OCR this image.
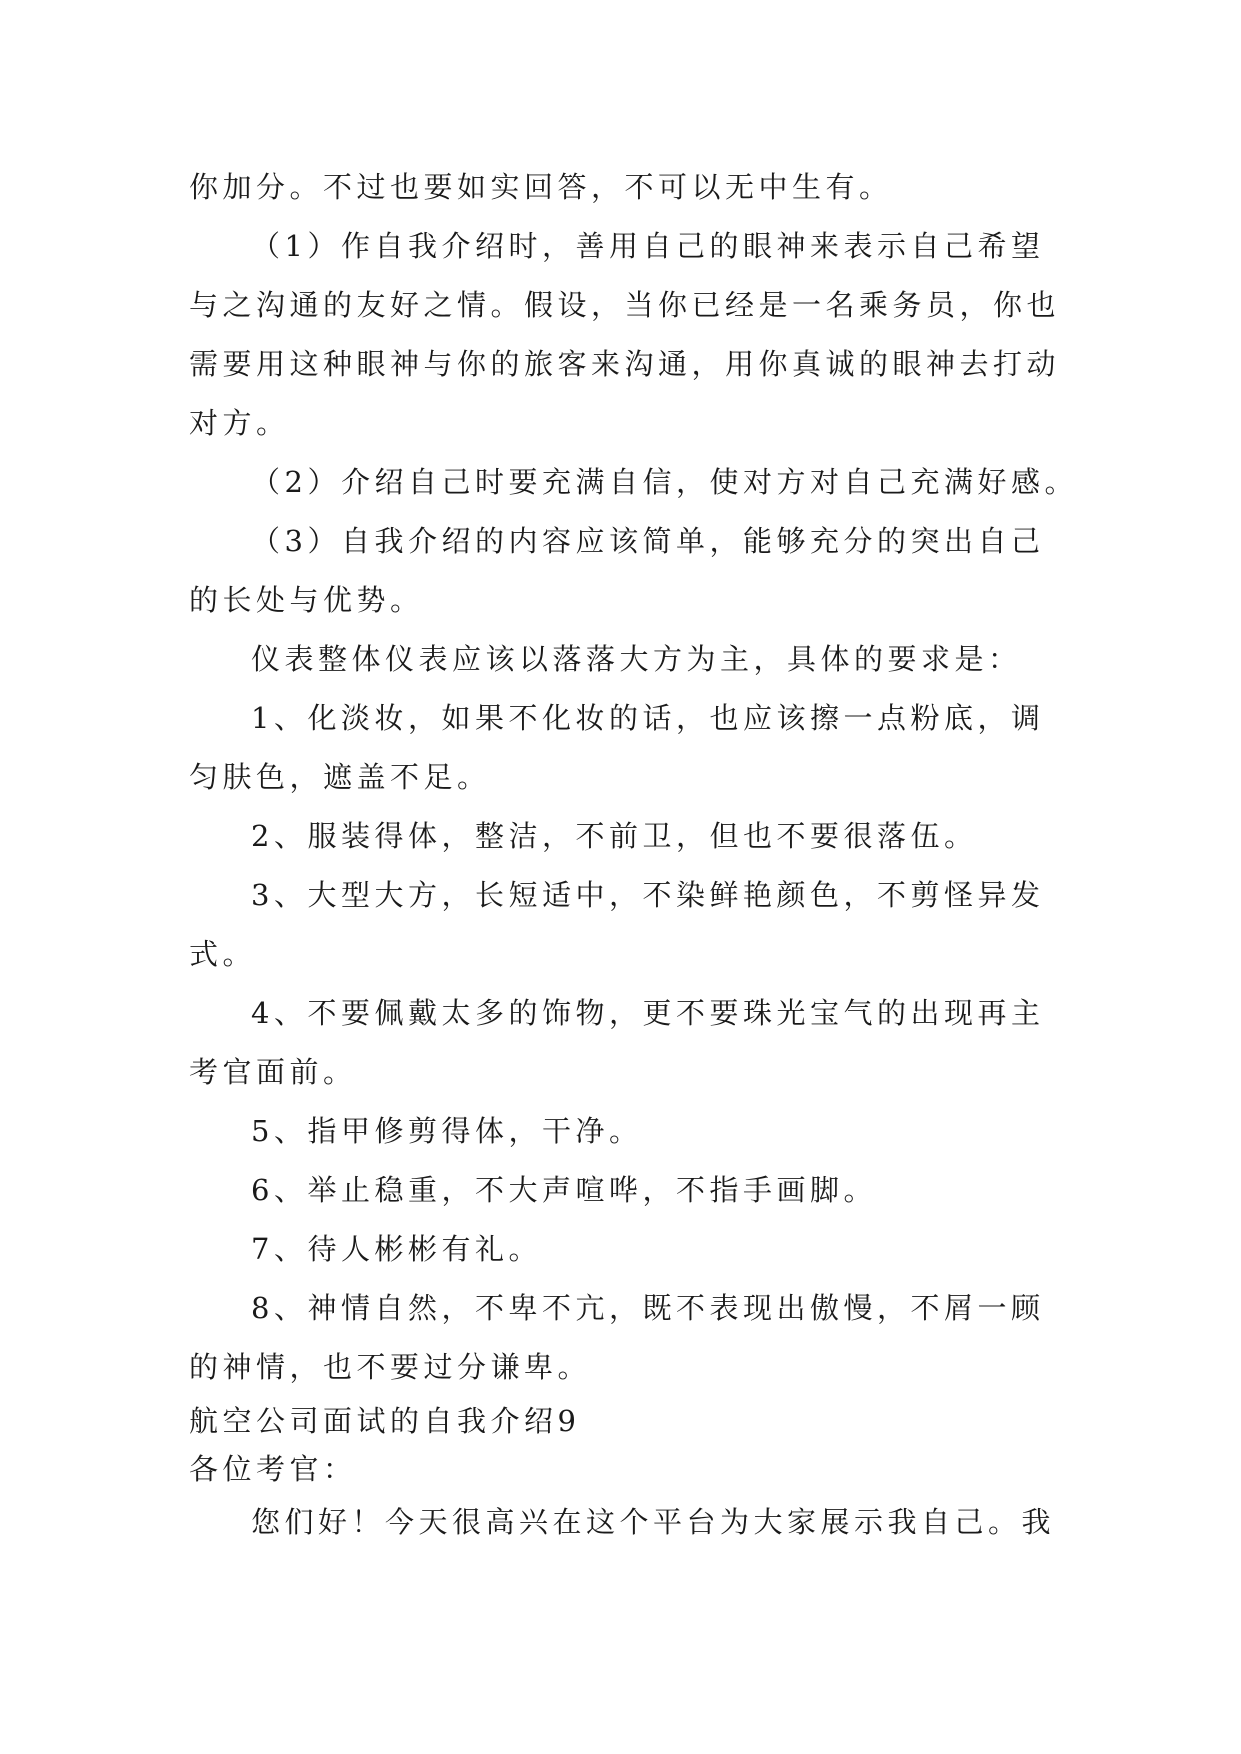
你加分。不过也要如实回答，不可以无中生有。

（1）作自我介绍时，善用自己的眼神来表示自己希望

与之沟通的友好之情。假设，当你已经是一名乘务员，你也

需要用这种眼神与你的旅客来沟通，用你真诚的眼神去打动

对方。

（2）介绍自己时要充满自信，使对方对自己充满好感。

（3）自我介绍的内容应该简单，能够充分的突出自己

的长处与优势。

仪表整体仪表应该以落落大方为主，具体的要求是：

1、化淡妆，如果不化妆的话，也应该擦一点粉底，调

匀肤色，遮盖不足。

2、服装得体，整洁，不前卫，但也不要很落伍。

3、大型大方，长短适中，不染鲜艳颜色，不剪怪异发

式。

4、不要佩戴太多的饰物，更不要珠光宝气的出现再主

考官面前。

5、指甲修剪得体，干净。

6、举止稳重，不大声喧哗，不指手画脚。

7、待人彬彬有礼。

8、神情自然，不卑不亢，既不表现出傲慢，不屑一顾

的神情，也不要过分谦卑。

航空公司面试的自我介绍9

各位考官：

您们好！今天很高兴在这个平台为大家展示我自己。我
